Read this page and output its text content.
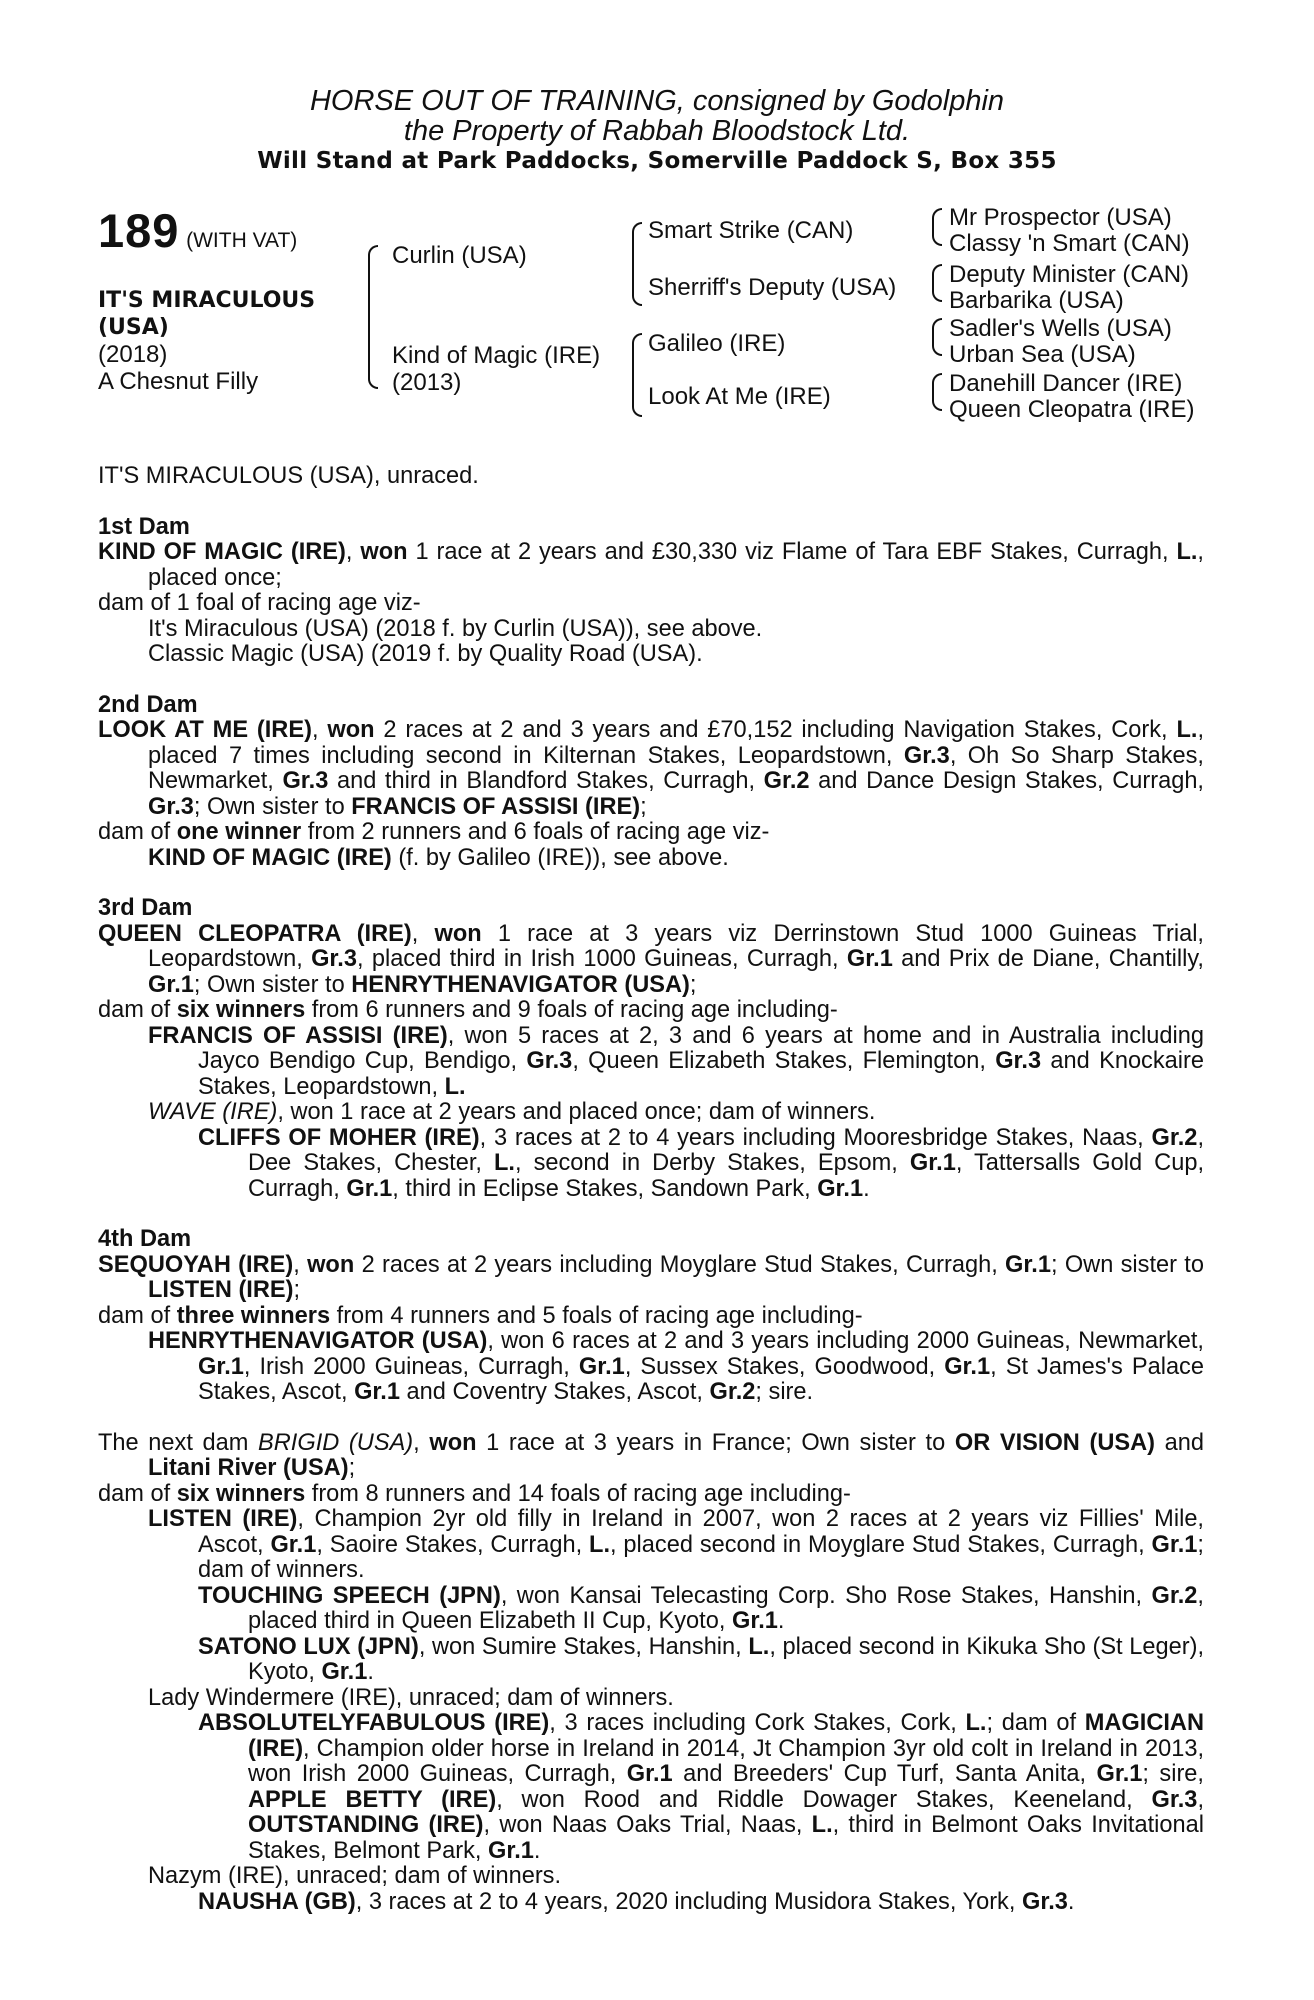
HORSE OUT OF TRAINING, consigned by Godolphin
the Property of Rabbah Bloodstock Ltd.
Will Stand at Park Paddocks, Somerville Paddock S, Box 355
189 (WITH VAT)
IT'S MIRACULOUS
(USA)
(2018)
A Chesnut Filly
Curlin (USA)
Kind of Magic (IRE)
(2013)
Smart Strike (CAN)
Sherriff's Deputy (USA)
Galileo (IRE)
Look At Me (IRE)
Mr Prospector (USA)
Classy 'n Smart (CAN)
Deputy Minister (CAN)
Barbarika (USA)
Sadler's Wells (USA)
Urban Sea (USA)
Danehill Dancer (IRE)
Queen Cleopatra (IRE)

IT'S MIRACULOUS (USA), unraced.

1st Dam

KIND OF MAGIC (IRE), won 1 race at 2 years and £30,330 viz Flame of Tara EBF Stakes, Curragh, L., placed once;

dam of 1 foal of racing age viz-

It's Miraculous (USA) (2018 f. by Curlin (USA)), see above.

Classic Magic (USA) (2019 f. by Quality Road (USA).

2nd Dam

LOOK AT ME (IRE), won 2 races at 2 and 3 years and £70,152 including Navigation Stakes, Cork, L., placed 7 times including second in Kilternan Stakes, Leopardstown, Gr.3, Oh So Sharp Stakes, Newmarket, Gr.3 and third in Blandford Stakes, Curragh, Gr.2 and Dance Design Stakes, Curragh, Gr.3; Own sister to FRANCIS OF ASSISI (IRE);

dam of one winner from 2 runners and 6 foals of racing age viz-

KIND OF MAGIC (IRE) (f. by Galileo (IRE)), see above.

3rd Dam

QUEEN CLEOPATRA (IRE), won 1 race at 3 years viz Derrinstown Stud 1000 Guineas Trial, Leopardstown, Gr.3, placed third in Irish 1000 Guineas, Curragh, Gr.1 and Prix de Diane, Chantilly, Gr.1; Own sister to HENRYTHENAVIGATOR (USA);

dam of six winners from 6 runners and 9 foals of racing age including-

FRANCIS OF ASSISI (IRE), won 5 races at 2, 3 and 6 years at home and in Australia including Jayco Bendigo Cup, Bendigo, Gr.3, Queen Elizabeth Stakes, Flemington, Gr.3 and Knockaire Stakes, Leopardstown, L.

WAVE (IRE), won 1 race at 2 years and placed once; dam of winners.

CLIFFS OF MOHER (IRE), 3 races at 2 to 4 years including Mooresbridge Stakes, Naas, Gr.2, Dee Stakes, Chester, L., second in Derby Stakes, Epsom, Gr.1, Tattersalls Gold Cup, Curragh, Gr.1, third in Eclipse Stakes, Sandown Park, Gr.1.

4th Dam

SEQUOYAH (IRE), won 2 races at 2 years including Moyglare Stud Stakes, Curragh, Gr.1; Own sister to LISTEN (IRE);

dam of three winners from 4 runners and 5 foals of racing age including-

HENRYTHENAVIGATOR (USA), won 6 races at 2 and 3 years including 2000 Guineas, Newmarket, Gr.1, Irish 2000 Guineas, Curragh, Gr.1, Sussex Stakes, Goodwood, Gr.1, St James's Palace Stakes, Ascot, Gr.1 and Coventry Stakes, Ascot, Gr.2; sire.

The next dam BRIGID (USA), won 1 race at 3 years in France; Own sister to OR VISION (USA) and Litani River (USA);

dam of six winners from 8 runners and 14 foals of racing age including-

LISTEN (IRE), Champion 2yr old filly in Ireland in 2007, won 2 races at 2 years viz Fillies' Mile, Ascot, Gr.1, Saoire Stakes, Curragh, L., placed second in Moyglare Stud Stakes, Curragh, Gr.1; dam of winners.

TOUCHING SPEECH (JPN), won Kansai Telecasting Corp. Sho Rose Stakes, Hanshin, Gr.2, placed third in Queen Elizabeth II Cup, Kyoto, Gr.1.

SATONO LUX (JPN), won Sumire Stakes, Hanshin, L., placed second in Kikuka Sho (St Leger), Kyoto, Gr.1.

Lady Windermere (IRE), unraced; dam of winners.

ABSOLUTELYFABULOUS (IRE), 3 races including Cork Stakes, Cork, L.; dam of MAGICIAN (IRE), Champion older horse in Ireland in 2014, Jt Champion 3yr old colt in Ireland in 2013, won Irish 2000 Guineas, Curragh, Gr.1 and Breeders' Cup Turf, Santa Anita, Gr.1; sire, APPLE BETTY (IRE), won Rood and Riddle Dowager Stakes, Keeneland, Gr.3, OUTSTANDING (IRE), won Naas Oaks Trial, Naas, L., third in Belmont Oaks Invitational Stakes, Belmont Park, Gr.1.

Nazym (IRE), unraced; dam of winners.

NAUSHA (GB), 3 races at 2 to 4 years, 2020 including Musidora Stakes, York, Gr.3.
